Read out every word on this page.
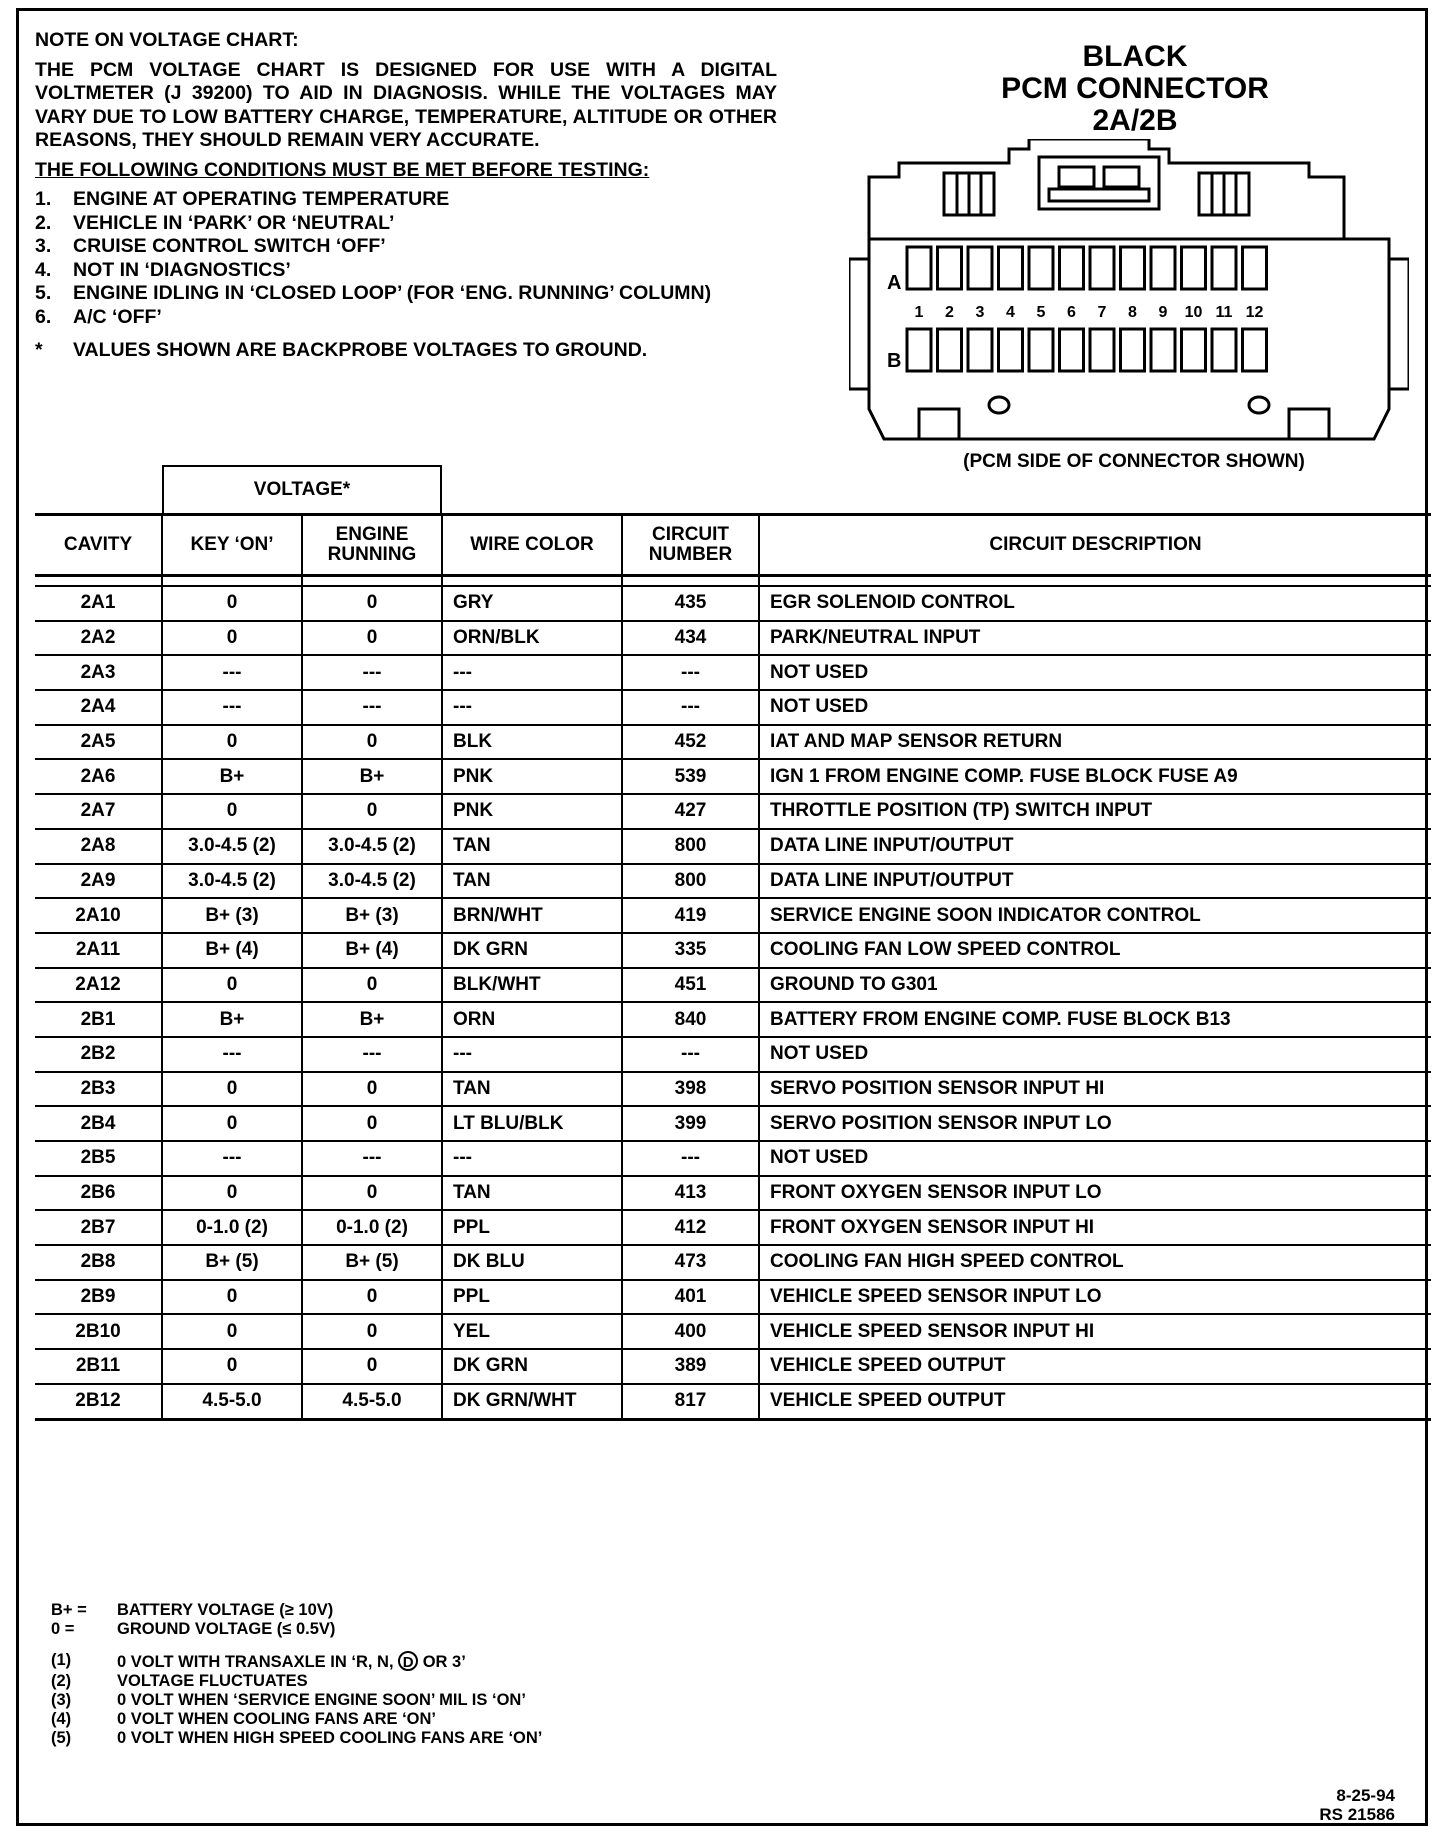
NOTE ON VOLTAGE CHART:

THE PCM VOLTAGE CHART IS DESIGNED FOR USE WITH A DIGITAL VOLTMETER (J 39200) TO AID IN DIAGNOSIS. WHILE THE VOLTAGES MAY VARY DUE TO LOW BATTERY CHARGE, TEMPERATURE, ALTITUDE OR OTHER REASONS, THEY SHOULD REMAIN VERY ACCURATE.

THE FOLLOWING CONDITIONS MUST BE MET BEFORE TESTING:

1.	ENGINE AT OPERATING TEMPERATURE
2.	VEHICLE IN ‘PARK’ OR ‘NEUTRAL’
3.	CRUISE CONTROL SWITCH ‘OFF’
4.	NOT IN ‘DIAGNOSTICS’
5.	ENGINE IDLING IN ‘CLOSED LOOP’ (FOR ‘ENG. RUNNING’ COLUMN)
6.	A/C ‘OFF’
*	VALUES SHOWN ARE BACKPROBE VOLTAGES TO GROUND.
BLACK
PCM CONNECTOR
2A/2B
1 2 3 4 5 6 7 8 9 10 11 12
A
B
(PCM SIDE OF CONNECTOR SHOWN)
VOLTAGE*
CAVITY	KEY ‘ON’	ENGINE RUNNING	WIRE COLOR	CIRCUIT NUMBER	CIRCUIT DESCRIPTION

2A1	0	0	GRY	435	EGR SOLENOID CONTROL
2A2	0	0	ORN/BLK	434	PARK/NEUTRAL INPUT
2A3	---	---	---	---	NOT USED
2A4	---	---	---	---	NOT USED
2A5	0	0	BLK	452	IAT AND MAP SENSOR RETURN
2A6	B+	B+	PNK	539	IGN 1 FROM ENGINE COMP. FUSE BLOCK FUSE A9
2A7	0	0	PNK	427	THROTTLE POSITION (TP) SWITCH INPUT
2A8	3.0-4.5 (2)	3.0-4.5 (2)	TAN	800	DATA LINE INPUT/OUTPUT
2A9	3.0-4.5 (2)	3.0-4.5 (2)	TAN	800	DATA LINE INPUT/OUTPUT
2A10	B+ (3)	B+ (3)	BRN/WHT	419	SERVICE ENGINE SOON INDICATOR CONTROL
2A11	B+ (4)	B+ (4)	DK GRN	335	COOLING FAN LOW SPEED CONTROL
2A12	0	0	BLK/WHT	451	GROUND TO G301
2B1	B+	B+	ORN	840	BATTERY FROM ENGINE COMP. FUSE BLOCK B13
2B2	---	---	---	---	NOT USED
2B3	0	0	TAN	398	SERVO POSITION SENSOR INPUT HI
2B4	0	0	LT BLU/BLK	399	SERVO POSITION SENSOR INPUT LO
2B5	---	---	---	---	NOT USED
2B6	0	0	TAN	413	FRONT OXYGEN SENSOR INPUT LO
2B7	0-1.0 (2)	0-1.0 (2)	PPL	412	FRONT OXYGEN SENSOR INPUT HI
2B8	B+ (5)	B+ (5)	DK BLU	473	COOLING FAN HIGH SPEED CONTROL
2B9	0	0	PPL	401	VEHICLE SPEED SENSOR INPUT LO
2B10	0	0	YEL	400	VEHICLE SPEED SENSOR INPUT HI
2B11	0	0	DK GRN	389	VEHICLE SPEED OUTPUT
2B12	4.5-5.0	4.5-5.0	DK GRN/WHT	817	VEHICLE SPEED OUTPUT
B+ =	BATTERY VOLTAGE (≥ 10V)
0 =	GROUND VOLTAGE (≤ 0.5V)
(1)	0 VOLT WITH TRANSAXLE IN ‘R, N, D OR 3’
(2)	VOLTAGE FLUCTUATES
(3)	0 VOLT WHEN ‘SERVICE ENGINE SOON’ MIL IS ‘ON’
(4)	0 VOLT WHEN COOLING FANS ARE ‘ON’
(5)	0 VOLT WHEN HIGH SPEED COOLING FANS ARE ‘ON’
8-25-94
RS 21586
